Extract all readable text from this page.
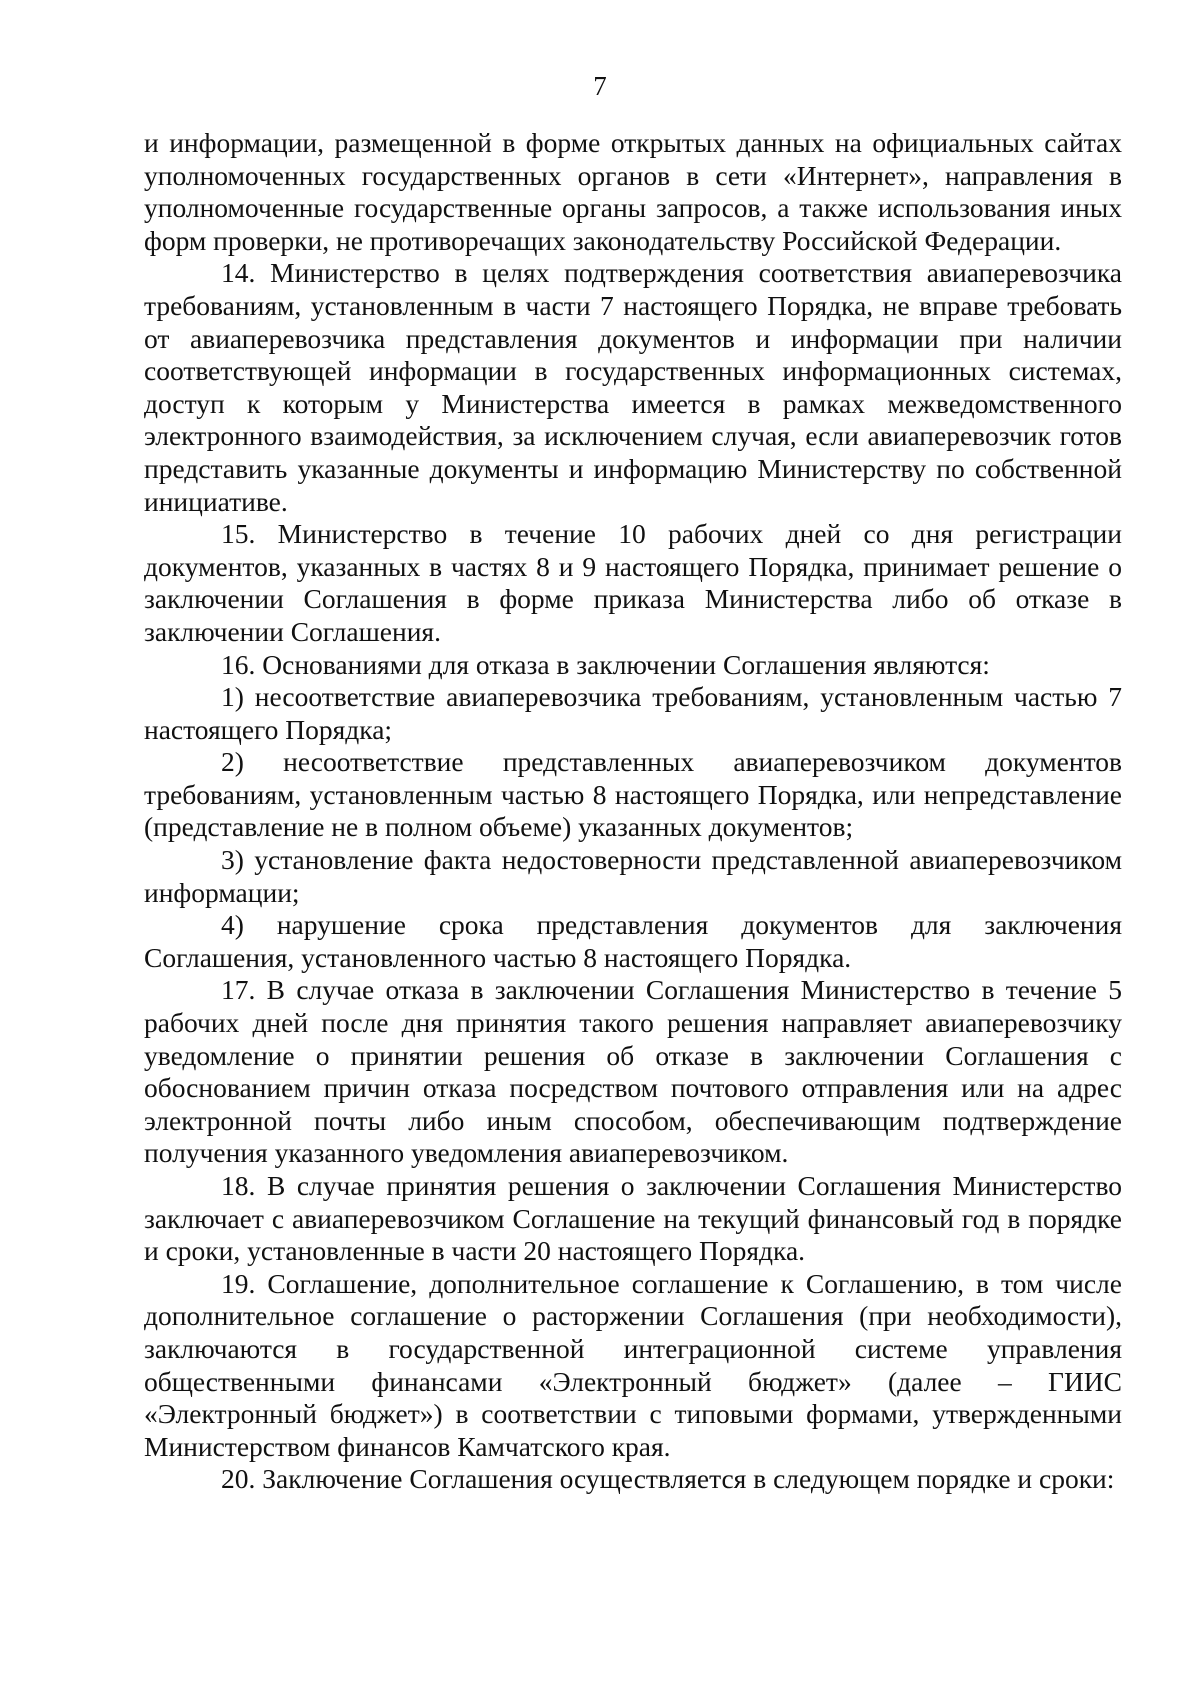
7

и информации, размещенной в форме открытых данных на официальных сайтах уполномоченных государственных органов в сети «Интернет», направления в уполномоченные государственные органы запросов, а также использования иных форм проверки, не противоречащих законодательству Российской Федерации.

14. Министерство в целях подтверждения соответствия авиаперевозчика требованиям, установленным в части 7 настоящего Порядка, не вправе требовать от авиаперевозчика представления документов и информации при наличии соответствующей информации в государственных информационных системах, доступ к которым у Министерства имеется в рамках межведомственного электронного взаимодействия, за исключением случая, если авиаперевозчик готов представить указанные документы и информацию Министерству по собственной инициативе.

15. Министерство в течение 10 рабочих дней со дня регистрации документов, указанных в частях 8 и 9 настоящего Порядка, принимает решение о заключении Соглашения в форме приказа Министерства либо об отказе в заключении Соглашения.

16. Основаниями для отказа в заключении Соглашения являются:

1) несоответствие авиаперевозчика требованиям, установленным частью 7 настоящего Порядка;

2) несоответствие представленных авиаперевозчиком документов требованиям, установленным частью 8 настоящего Порядка, или непредставление (представление не в полном объеме) указанных документов;

3) установление факта недостоверности представленной авиаперевозчиком информации;

4) нарушение срока представления документов для заключения Соглашения, установленного частью 8 настоящего Порядка.

17. В случае отказа в заключении Соглашения Министерство в течение 5 рабочих дней после дня принятия такого решения направляет авиаперевозчику уведомление о принятии решения об отказе в заключении Соглашения с обоснованием причин отказа посредством почтового отправления или на адрес электронной почты либо иным способом, обеспечивающим подтверждение получения указанного уведомления авиаперевозчиком.

18. В случае принятия решения о заключении Соглашения Министерство заключает с авиаперевозчиком Соглашение на текущий финансовый год в порядке и сроки, установленные в части 20 настоящего Порядка.

19. Соглашение, дополнительное соглашение к Соглашению, в том числе дополнительное соглашение о расторжении Соглашения (при необходимости), заключаются в государственной интеграционной системе управления общественными финансами «Электронный бюджет» (далее – ГИИС «Электронный бюджет») в соответствии с типовыми формами, утвержденными Министерством финансов Камчатского края.

20. Заключение Соглашения осуществляется в следующем порядке и сроки:
